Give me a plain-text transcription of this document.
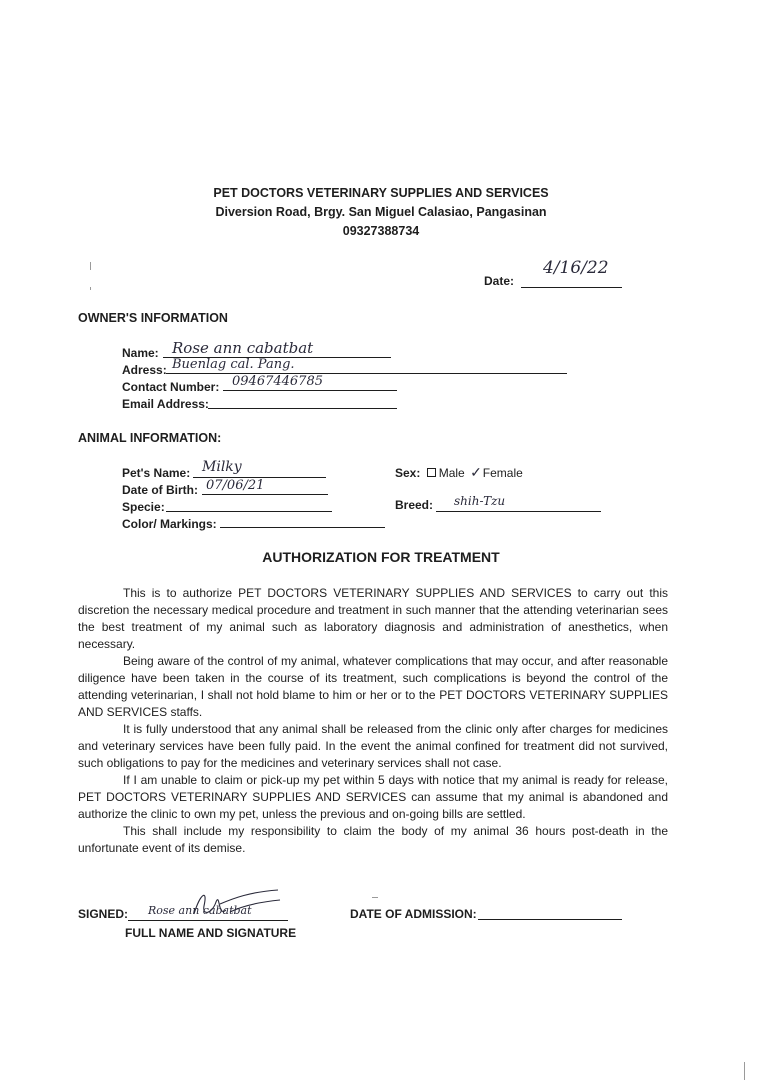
PET DOCTORS VETERINARY SUPPLIES AND SERVICES
Diversion Road, Brgy. San Miguel Calasiao, Pangasinan
09327388734
Date:
4/16/22
OWNER'S INFORMATION
Name: Rose ann cabatbat
Adress: Buenlag cal. Pang.
Contact Number: 09467446785
Email Address:
ANIMAL INFORMATION:
Pet's Name: Milky
Date of Birth: 07/06/21
Specie:
Color/ Markings:
Sex: Male ✓Female
Breed: shih-Tzu
AUTHORIZATION FOR TREATMENT

This is to authorize PET DOCTORS VETERINARY SUPPLIES AND SERVICES to carry out this discretion the necessary medical procedure and treatment in such manner that the attending veterinarian sees the best treatment of my animal such as laboratory diagnosis and administration of anesthetics, when necessary.

Being aware of the control of my animal, whatever complications that may occur, and after reasonable diligence have been taken in the course of its treatment, such complications is beyond the control of the attending veterinarian, I shall not hold blame to him or her or to the PET DOCTORS VETERINARY SUPPLIES AND SERVICES staffs.

It is fully understood that any animal shall be released from the clinic only after charges for medicines and veterinary services have been fully paid. In the event the animal confined for treatment did not survived, such obligations to pay for the medicines and veterinary services shall not case.

If I am unable to claim or pick-up my pet within 5 days with notice that my animal is ready for release, PET DOCTORS VETERINARY SUPPLIES AND SERVICES can assume that my animal is abandoned and authorize the clinic to own my pet, unless the previous and on-going bills are settled.

This shall include my responsibility to claim the body of my animal 36 hours post-death in the unfortunate event of its demise.

SIGNED: Rose ann cabatbat
FULL NAME AND SIGNATURE
DATE OF ADMISSION:
